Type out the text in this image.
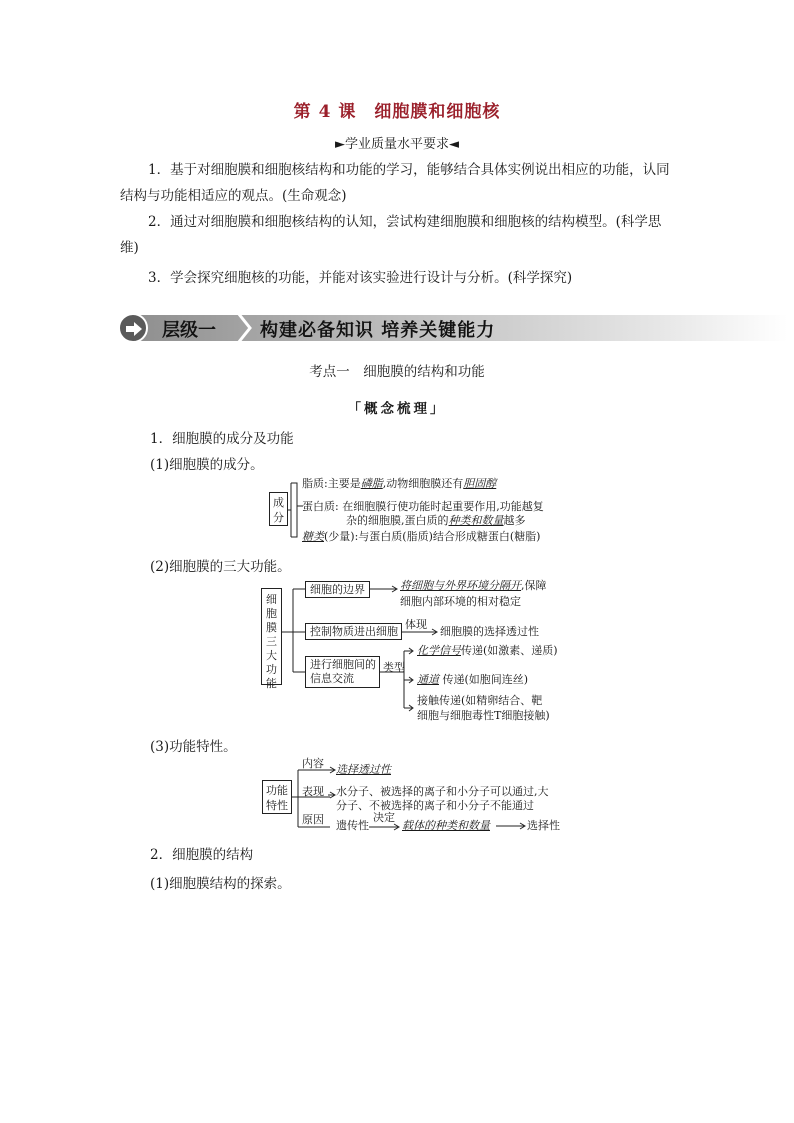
第 4 课　细胞膜和细胞核
►学业质量水平要求◄
1．基于对细胞膜和细胞核结构和功能的学习，能够结合具体实例说出相应的功能，认同结构与功能相适应的观点。(生命观念)
2．通过对细胞膜和细胞核结构的认知，尝试构建细胞膜和细胞核的结构模型。(科学思维)
3．学会探究细胞核的功能，并能对该实验进行设计与分析。(科学探究)
层级一 构建必备知识 培养关键能力
考点一　细胞膜的结构和功能
「概念梳理」
1．细胞膜的成分及功能
(1)细胞膜的成分。
成分
脂质:主要是磷脂,动物细胞膜还有胆固醇
蛋白质: 在细胞膜行使功能时起重要作用,功能越复
杂的细胞膜,蛋白质的种类和数量越多
糖类(少量):与蛋白质(脂质)结合形成糖蛋白(糖脂)
(2)细胞膜的三大功能。
细胞膜三大功能
细胞的边界	将细胞与外界环境分隔开,保障
细胞内部环境的相对稳定
控制物质进出细胞
体现
细胞膜的选择透过性
进行细胞间的
信息交流
类型
化学信号传递(如激素、递质)
通道 传递(如胞间连丝)
接触传递(如精卵结合、靶
细胞与细胞毒性T细胞接触)
(3)功能特性。
功能
特性
内容 选择透过性
表现 水分子、被选择的离子和小分子可以通过,大
分子、不被选择的离子和小分子不能通过
原因 遗传性
决定
载体的种类和数量	选择性
2．细胞膜的结构
(1)细胞膜结构的探索。
